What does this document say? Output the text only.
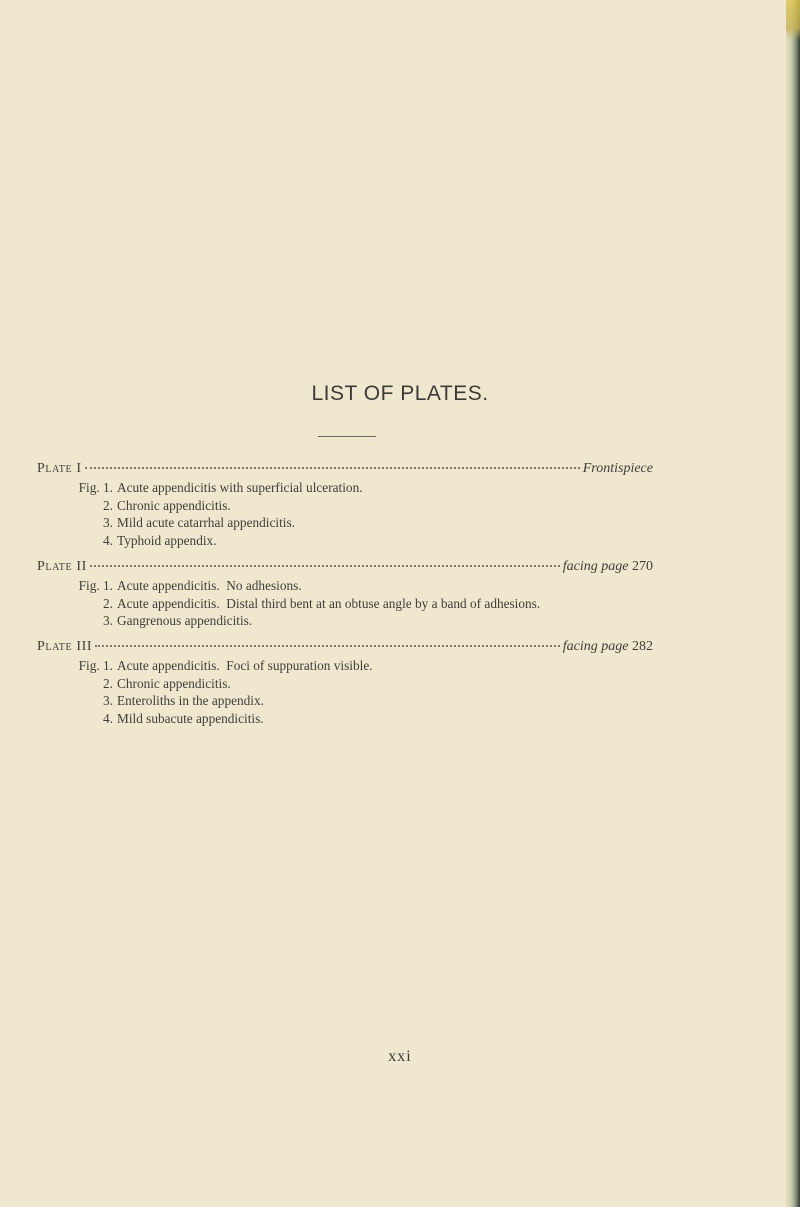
LIST OF PLATES.
Plate I	Frontispiece
Fig. 1. Acute appendicitis with superficial ulceration.
2. Chronic appendicitis.
3. Mild acute catarrhal appendicitis.
4. Typhoid appendix.
Plate II	facing page 270
Fig. 1. Acute appendicitis.  No adhesions.
2. Acute appendicitis.  Distal third bent at an obtuse angle by a band of adhesions.
3. Gangrenous appendicitis.
Plate III	facing page 282
Fig. 1. Acute appendicitis.  Foci of suppuration visible.
2. Chronic appendicitis.
3. Enteroliths in the appendix.
4. Mild subacute appendicitis.
xxi
